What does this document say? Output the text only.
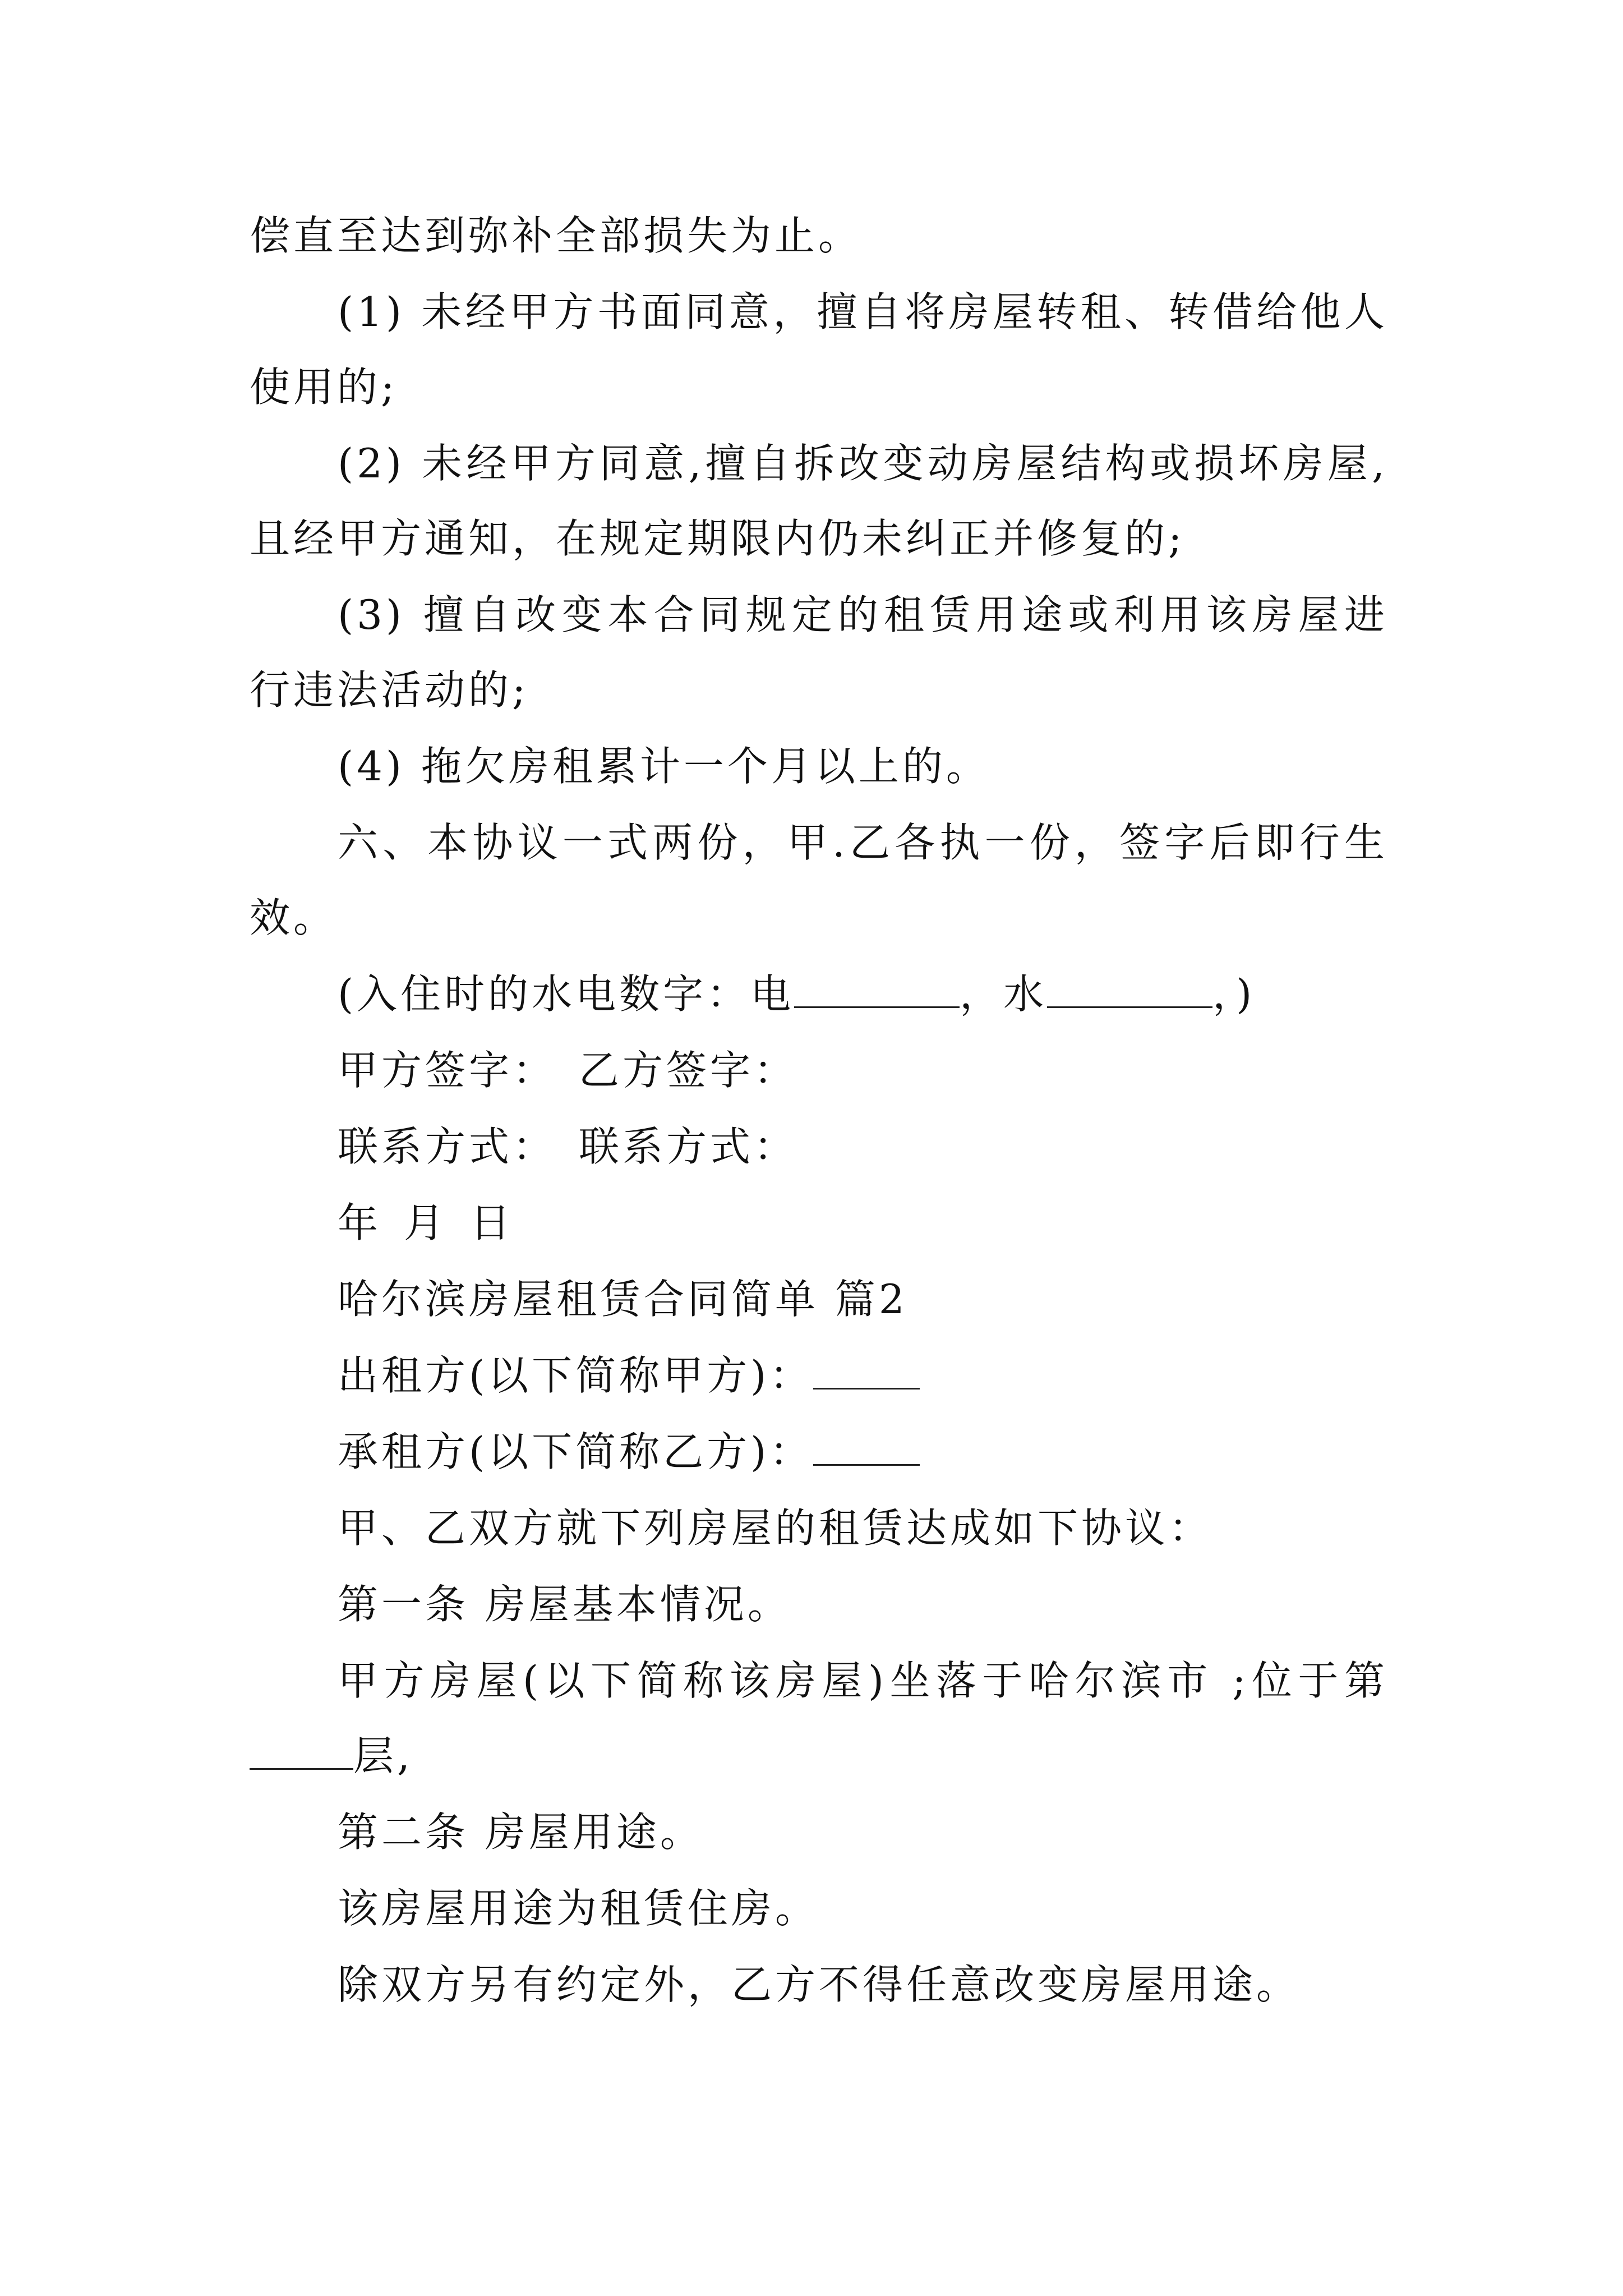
偿直至达到弥补全部损失为止。
(1) 未经甲方书面同意，擅自将房屋转租、转借给他人
使用的;
(2) 未经甲方同意,擅自拆改变动房屋结构或损坏房屋,
且经甲方通知，在规定期限内仍未纠正并修复的;
(3) 擅自改变本合同规定的租赁用途或利用该房屋进
行违法活动的;
(4) 拖欠房租累计一个月以上的。
六、本协议一式两份，甲.乙各执一份，签字后即行生
效。
(入住时的水电数字：电	，水	，)
甲方签字： 乙方签字：
联系方式： 联系方式：
年 月 日
哈尔滨房屋租赁合同简单 篇2
出租方(以下简称甲方)：
承租方(以下简称乙方)：
甲、乙双方就下列房屋的租赁达成如下协议：
第一条 房屋基本情况。
甲方房屋(以下简称该房屋)坐落于哈尔滨市 ;位于第
层,
第二条 房屋用途。
该房屋用途为租赁住房。
除双方另有约定外，乙方不得任意改变房屋用途。
